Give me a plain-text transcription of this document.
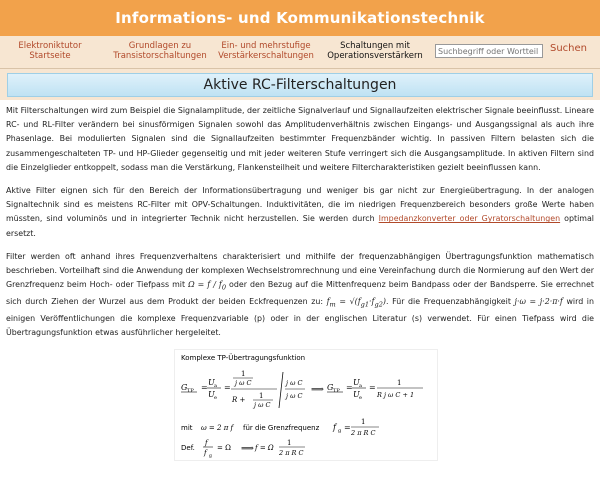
Informations- und Kommunikationstechnik
Elektroniktutor
Startseite
Grundlagen zu
Transistorschaltungen
Ein- und mehrstufige
Verstärkerschaltungen
Schaltungen mit
Operationsverstärkern
Suchbegriff oder Wortteil
Suchen
Aktive RC-Filterschaltungen

Mit Filterschaltungen wird zum Beispiel die Signalamplitude, der zeitliche Signalverlauf und Signallaufzeiten elektrischer Signale beeinflusst. Lineare RC- und RL-Filter verändern bei sinusförmigen Signalen sowohl das Amplitudenverhältnis zwischen Eingangs- und Ausgangssignal als auch ihre Phasenlage. Bei modulierten Signalen sind die Signallaufzeiten bestimmter Frequenzbänder wichtig. In passiven Filtern belasten sich die zusammengeschalteten TP- und HP-Glieder gegenseitig und mit jeder weiteren Stufe verringert sich die Ausgangsamplitude. In aktiven Filtern sind die Einzelglieder entkoppelt, sodass man die Verstärkung, Flankensteilheit und weitere Filtercharakteristiken gezielt beeinflussen kann.

Aktive Filter eignen sich für den Bereich der Informationsübertragung und weniger bis gar nicht zur Energieübertragung. In der analogen Signaltechnik sind es meistens RC-Filter mit OPV-Schaltungen. Induktivitäten, die im niedrigen Frequenzbereich besonders große Werte haben müssten, sind voluminös und in integrierter Technik nicht herzustellen. Sie werden durch Impedanzkonverter oder Gyratorschaltungen optimal ersetzt.

Filter werden oft anhand ihres Frequenzverhaltens charakterisiert und mithilfe der frequenzabhängigen Übertragungsfunktion mathematisch beschrieben. Vorteilhaft sind die Anwendung der komplexen Wechselstromrechnung und eine Vereinfachung durch die Normierung auf den Wert der Grenzfrequenz beim Hoch- oder Tiefpass mit $\Omega = f / f_0$ oder den Bezug auf die Mittenfrequenz beim Bandpass oder der Bandsperre. Sie errechnet sich durch Ziehen der Wurzel aus dem Produkt der beiden Eckfrequenzen zu: $f_m = √(f_{g1}\cdot f_{g2})$. Für die Frequenzabhängigkeit j·ω = j·2·π·f wird in einigen Veröffentlichungen die komplexe Frequenzvariable (p) oder in der englischen Literatur (s) verwendet. Für einen Tiefpass wird die Übertragungsfunktion etwas ausführlicher hergeleitet.

Komplexe TP-Übertragungsfunktion
G TP =
U a
U e
=
1
j ω C
R + 1
j ω C
j ω C
j ω C
⟹ G TP =
U a
U e
=	1
R j ω C + 1
mit ω = 2 π f für die Grenzfrequenz f g =
1
2 π R C
Def.
f
f g
= Ω ⟹ f = Ω
1
2 π R C
